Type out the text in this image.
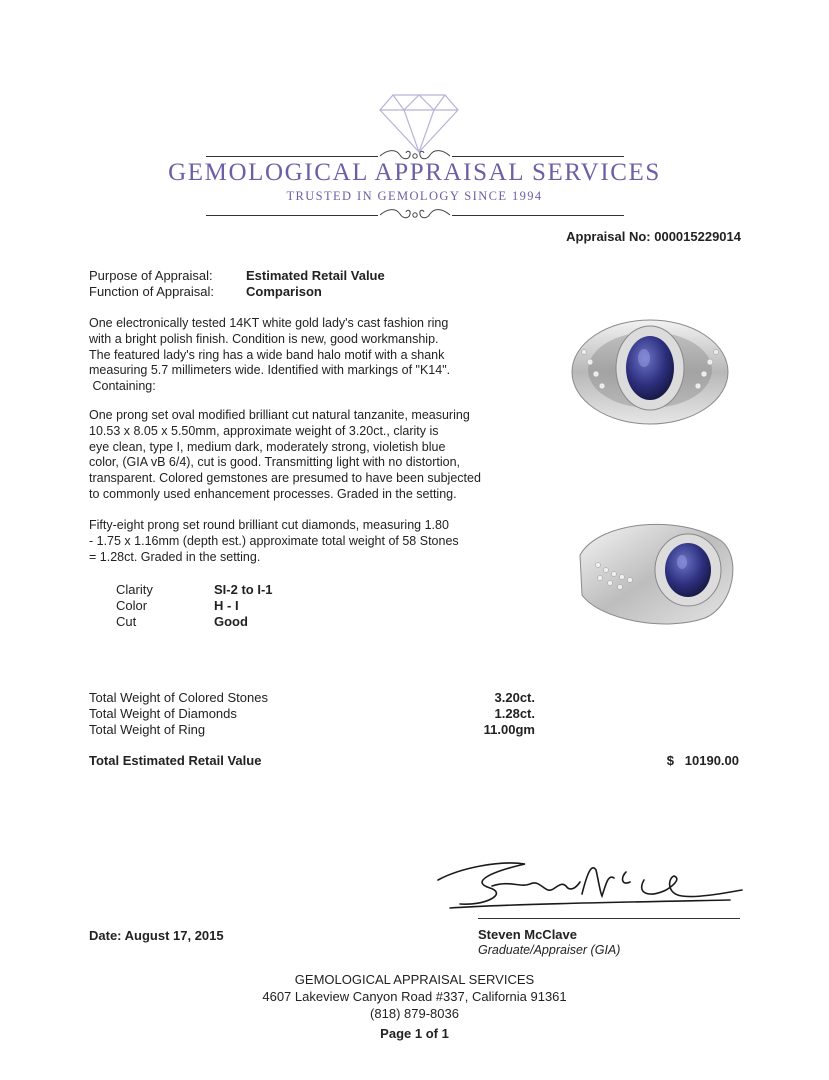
GEMOLOGICAL APPRAISAL SERVICES
TRUSTED IN GEMOLOGY SINCE 1994
Appraisal No: 000015229014
Purpose of Appraisal:	Estimated Retail Value
Function of Appraisal: Comparison
One electronically tested 14KT white gold lady's cast fashion ring
with a bright polish finish. Condition is new, good workmanship.
The featured lady's ring has a wide band halo motif with a shank
measuring 5.7 millimeters wide. Identified with markings of "K14".
Containing:
One prong set oval modified brilliant cut natural tanzanite, measuring
10.53 x 8.05 x 5.50mm, approximate weight of 3.20ct., clarity is
eye clean, type I, medium dark, moderately strong, violetish blue
color, (GIA vB 6/4), cut is good. Transmitting light with no distortion,
transparent. Colored gemstones are presumed to have been subjected
to commonly used enhancement processes. Graded in the setting.
Fifty-eight prong set round brilliant cut diamonds, measuring 1.80
- 1.75 x 1.16mm (depth est.) approximate total weight of 58 Stones
= 1.28ct. Graded in the setting.
Clarity	SI-2 to I-1
Color	H - I
Cut	Good
Total Weight of Colored Stones	3.20ct.
Total Weight of Diamonds	1.28ct.
Total Weight of Ring	11.00gm
Total Estimated Retail Value	$   10190.00
Date: August 17, 2015	Steven McClave
Graduate/Appraiser (GIA)
GEMOLOGICAL APPRAISAL SERVICES
4607 Lakeview Canyon Road #337, California 91361
(818) 879-8036
Page 1 of 1
